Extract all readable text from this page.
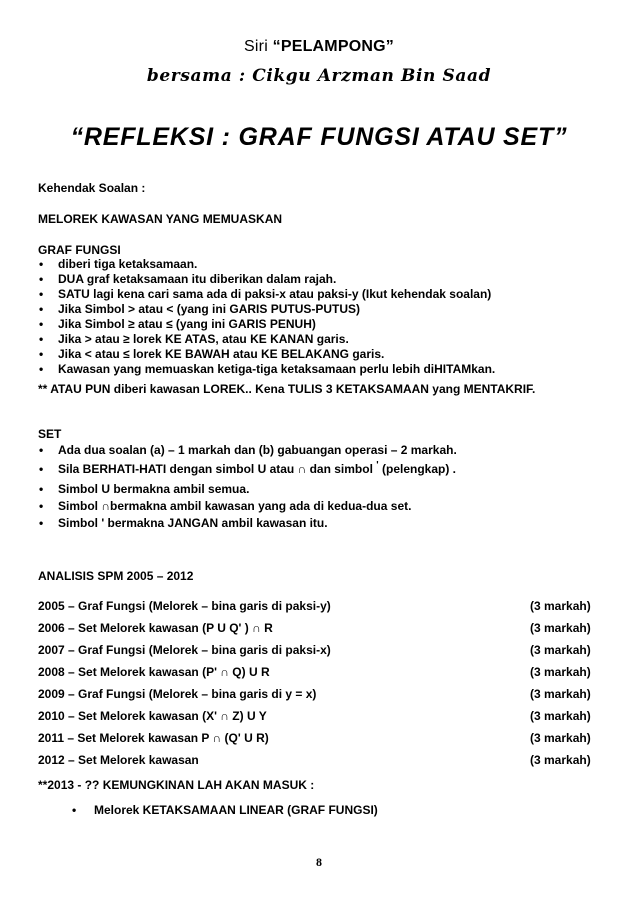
Siri “PELAMPONG”
bersama : Cikgu Arzman Bin Saad
“REFLEKSI : GRAF FUNGSI ATAU SET”
Kehendak Soalan :
MELOREK KAWASAN YANG MEMUASKAN
GRAF FUNGSI
• diberi tiga ketaksamaan.
• DUA graf ketaksamaan itu diberikan dalam rajah.
• SATU lagi kena cari sama ada di paksi-x atau paksi-y (Ikut kehendak soalan)
• Jika Simbol > atau < (yang ini GARIS PUTUS-PUTUS)
• Jika Simbol ≥ atau ≤ (yang ini GARIS PENUH)
• Jika > atau ≥ lorek KE ATAS, atau KE KANAN garis.
• Jika < atau ≤ lorek KE BAWAH atau KE BELAKANG garis.
• Kawasan yang memuaskan ketiga-tiga ketaksamaan perlu lebih diHITAMkan.
** ATAU PUN diberi kawasan LOREK.. Kena TULIS 3 KETAKSAMAAN yang MENTAKRIF.
SET
• Ada dua soalan (a) – 1 markah dan (b) gabuangan operasi – 2 markah.
• Sila BERHATI-HATI dengan simbol U atau ∩ dan simbol ' (pelengkap) .
• Simbol U bermakna ambil semua.
• Simbol ∩bermakna ambil kawasan yang ada di kedua-dua set.
• Simbol ' bermakna JANGAN ambil kawasan itu.
ANALISIS SPM 2005 – 2012
2005 – Graf Fungsi (Melorek – bina garis di paksi-y)	(3 markah)
2006 – Set Melorek kawasan (P U Q' ) ∩ R	(3 markah)
2007 – Graf Fungsi (Melorek – bina garis di paksi-x)	(3 markah)
2008 – Set Melorek kawasan (P' ∩ Q) U R	(3 markah)
2009 – Graf Fungsi (Melorek – bina garis di y = x)	(3 markah)
2010 – Set Melorek kawasan (X' ∩ Z) U Y	(3 markah)
2011 – Set Melorek kawasan P ∩ (Q' U R)	(3 markah)
2012 – Set Melorek kawasan	(3 markah)
**2013 - ?? KEMUNGKINAN LAH AKAN MASUK :
• Melorek KETAKSAMAAN LINEAR (GRAF FUNGSI)
8
